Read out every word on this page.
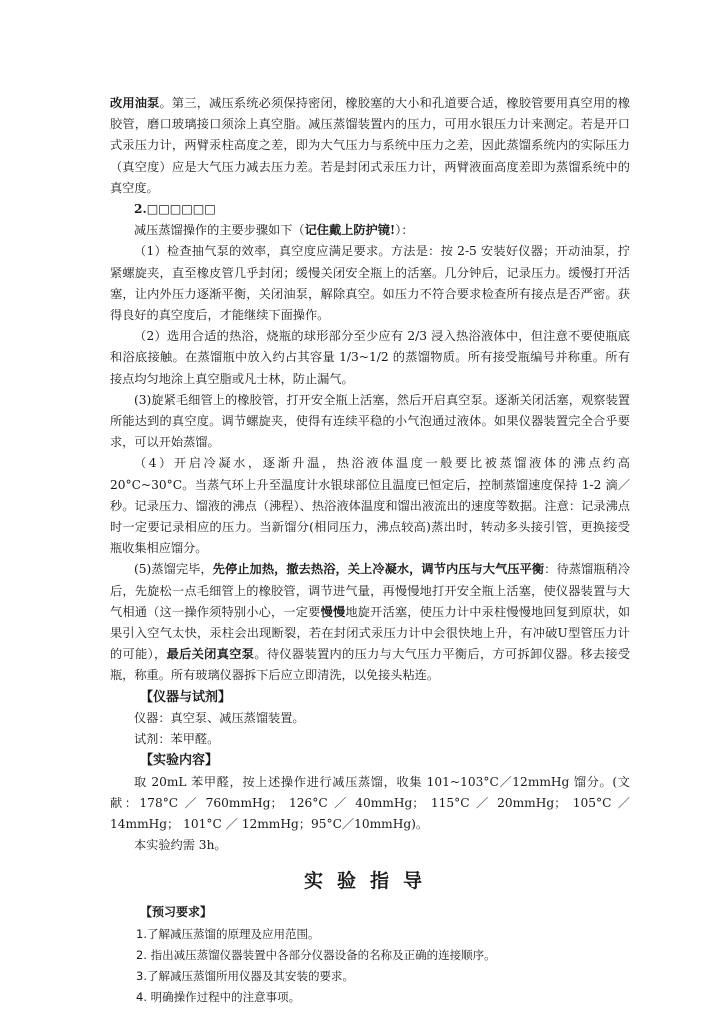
改用油泵。第三，减压系统必须保持密闭，橡胶塞的大小和孔道要合适，橡胶管要用真空用的橡胶管，磨口玻璃接口须涂上真空脂。减压蒸馏装置内的压力，可用水银压力计来测定。若是开口式汞压力计，两臂汞柱高度之差，即为大气压力与系统中压力之差，因此蒸馏系统内的实际压力（真空度）应是大气压力减去压力差。若是封闭式汞压力计，两臂液面高度差即为蒸馏系统中的真空度。

2.□□□□□□

减压蒸馏操作的主要步骤如下（记住戴上防护镜!）：

（1）检查抽气泵的效率，真空度应满足要求。方法是：按 2-5 安装好仪器；开动油泵，拧紧螺旋夹，直至橡皮管几乎封闭；缓慢关闭安全瓶上的活塞。几分钟后，记录压力。缓慢打开活塞，让内外压力逐渐平衡，关闭油泵，解除真空。如压力不符合要求检查所有接点是否严密。获得良好的真空度后，才能继续下面操作。

（2）选用合适的热浴，烧瓶的球形部分至少应有 2/3 浸入热浴液体中，但注意不要使瓶底和浴底接触。在蒸馏瓶中放入约占其容量 1/3~1/2 的蒸馏物质。所有接受瓶编号并称重。所有接点均匀地涂上真空脂或凡士林，防止漏气。

(3)旋紧毛细管上的橡胶管，打开安全瓶上活塞，然后开启真空泵。逐渐关闭活塞，观察装置所能达到的真空度。调节螺旋夹，使得有连续平稳的小气泡通过液体。如果仪器装置完全合乎要求，可以开始蒸馏。

（4）开启冷凝水，逐渐升温，热浴液体温度一般要比被蒸馏液体的沸点约高 20°C~30°C。当蒸气环上升至温度计水银球部位且温度已恒定后，控制蒸馏速度保持 1-2 滴／秒。记录压力、馏液的沸点（沸程）、热浴液体温度和馏出液流出的速度等数据。注意：记录沸点时一定要记录相应的压力。当新馏分(相同压力，沸点较高)蒸出时，转动多头接引管，更换接受瓶收集相应馏分。

(5)蒸馏完毕，先停止加热，撤去热浴，关上冷凝水，调节内压与大气压平衡：待蒸馏瓶稍冷后，先旋松一点毛细管上的橡胶管，调节进气量，再慢慢地打开安全瓶上活塞，使仪器装置与大气相通（这一操作须特别小心，一定要慢慢地旋开活塞，使压力计中汞柱慢慢地回复到原状，如果引入空气太快，汞柱会出现断裂，若在封闭式汞压力计中会很快地上升，有冲破U型管压力计的可能），最后关闭真空泵。待仪器装置内的压力与大气压力平衡后，方可拆卸仪器。移去接受瓶，称重。所有玻璃仪器拆下后应立即清洗，以免接头粘连。

【仪器与试剂】

仪器：真空泵、减压蒸馏装置。

试剂：苯甲醛。

【实验内容】

取 20mL 苯甲醛，按上述操作进行减压蒸馏，收集 101~103°C／12mmHg 馏分。(文献：178°C ／ 760mmHg； 126°C ／ 40mmHg； 115°C ／ 20mmHg； 105°C ／ 14mmHg； 101°C ／ 12mmHg；95°C／10mmHg)。

本实验约需 3h。

实验指导

【预习要求】

1.了解减压蒸馏的原理及应用范围。

2. 指出减压蒸馏仪器装置中各部分仪器设备的名称及正确的连接顺序。

3.了解减压蒸馏所用仪器及其安装的要求。

4. 明确操作过程中的注意事项。
